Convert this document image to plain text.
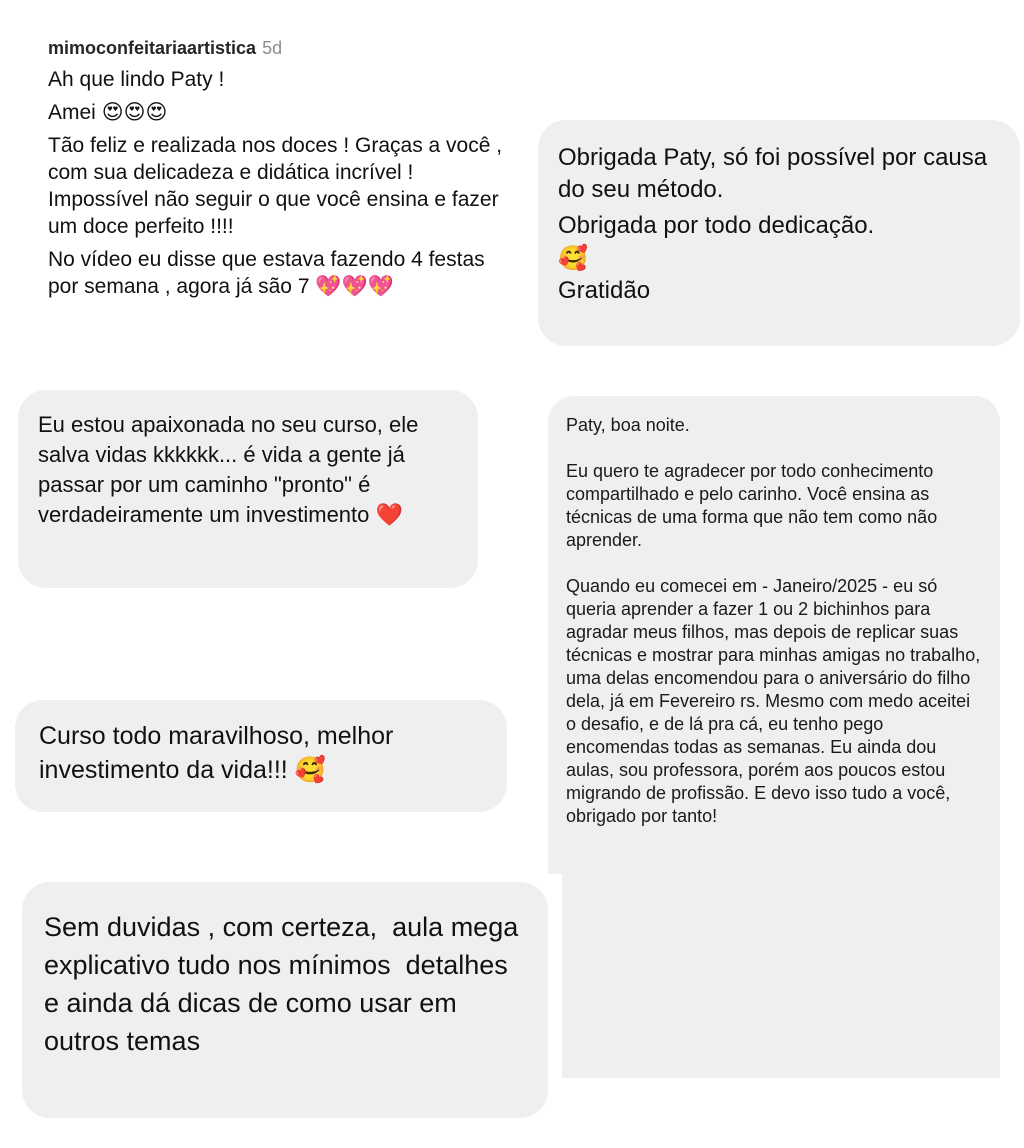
mimoconfeitariaartistica 5d

Ah que lindo Paty !

Amei 😍😍😍

Tão feliz e realizada nos doces ! Graças a você , com sua delicadeza e didática incrível ! Impossível não seguir o que você ensina e fazer um doce perfeito !!!!

No vídeo eu disse que estava fazendo 4 festas por semana , agora já são 7 💖💖💖

Obrigada Paty, só foi possível por causa do seu método.

Obrigada por todo dedicação.

🥰

Gratidão

Eu estou apaixonada no seu curso, ele salva vidas kkkkkk... é vida a gente já passar por um caminho "pronto" é verdadeiramente um investimento ❤️

Curso todo maravilhoso, melhor investimento da vida!!! 🥰

Sem duvidas , com certeza,  aula mega explicativo tudo nos mínimos  detalhes e ainda dá dicas de como usar em outros temas

Paty, boa noite.

Eu quero te agradecer por todo conhecimento compartilhado e pelo carinho. Você ensina as técnicas de uma forma que não tem como não aprender.

Quando eu comecei em - Janeiro/2025 - eu só queria aprender a fazer 1 ou 2 bichinhos para agradar meus filhos, mas depois de replicar suas técnicas e mostrar para minhas amigas no trabalho, uma delas encomendou para o aniversário do filho dela, já em Fevereiro rs. Mesmo com medo aceitei o desafio, e de lá pra cá, eu tenho pego encomendas todas as semanas. Eu ainda dou aulas, sou professora, porém aos poucos estou migrando de profissão. E devo isso tudo a você, obrigado por tanto!
